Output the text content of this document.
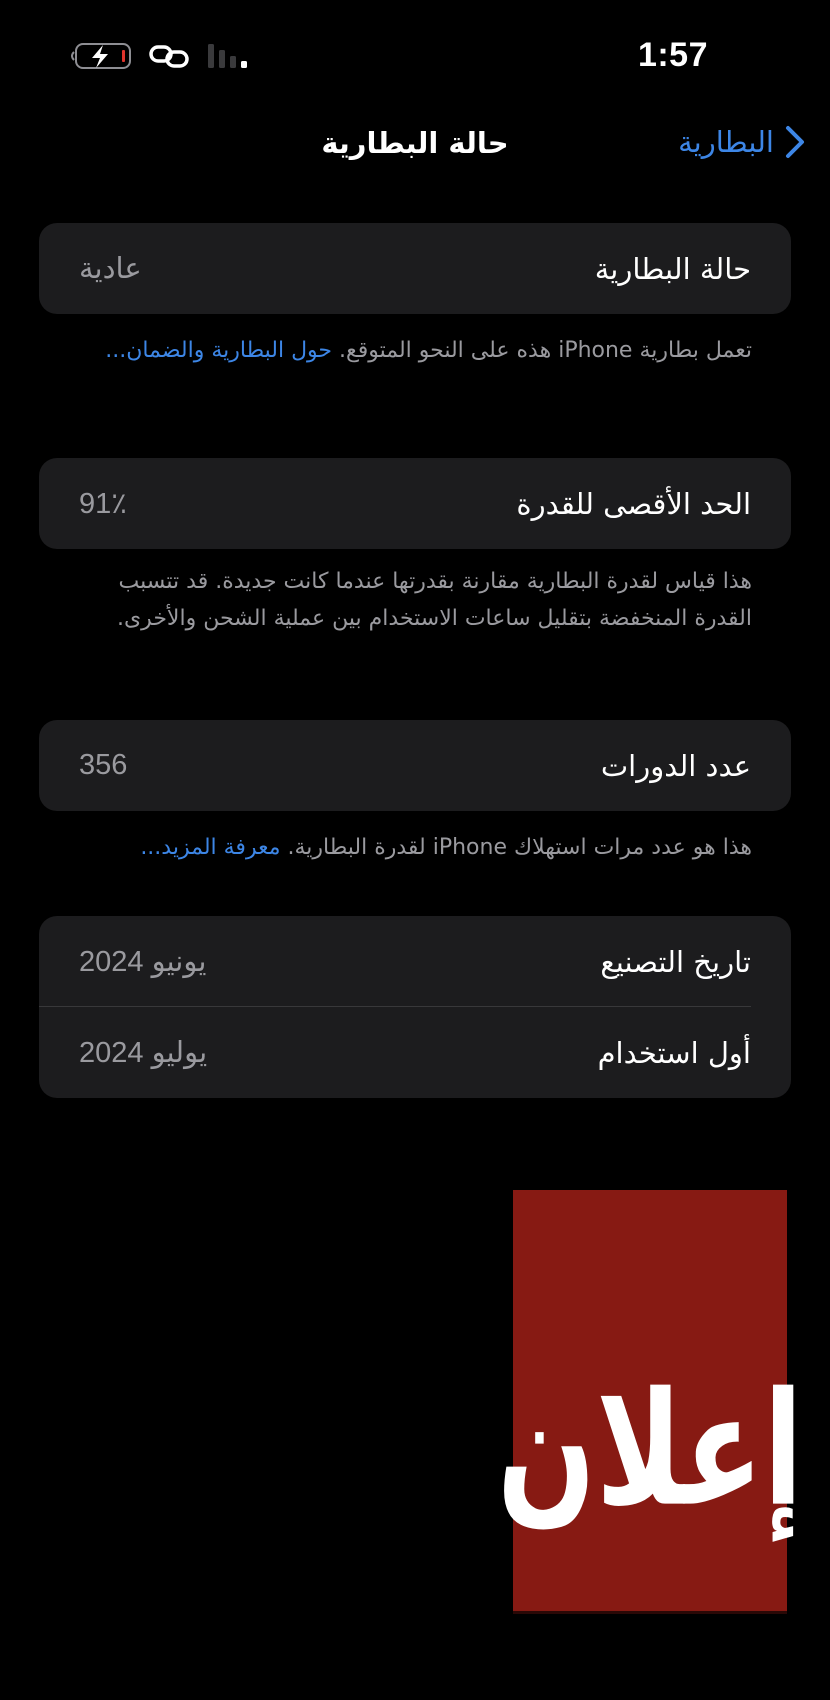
1:57
حالة البطارية	البطارية
حالة البطارية
عادية
تعمل بطارية iPhone هذه على النحو المتوقع. حول البطارية والضمان...
الحد الأقصى للقدرة
91٪
هذا قياس لقدرة البطارية مقارنة بقدرتها عندما كانت جديدة. قد تتسبب القدرة المنخفضة بتقليل ساعات الاستخدام بين عملية الشحن والأخرى.
عدد الدورات
356
هذا هو عدد مرات استهلاك iPhone لقدرة البطارية. معرفة المزيد...
تاريخ التصنيع
يونيو 2024
أول استخدام
يوليو 2024
إعلان
